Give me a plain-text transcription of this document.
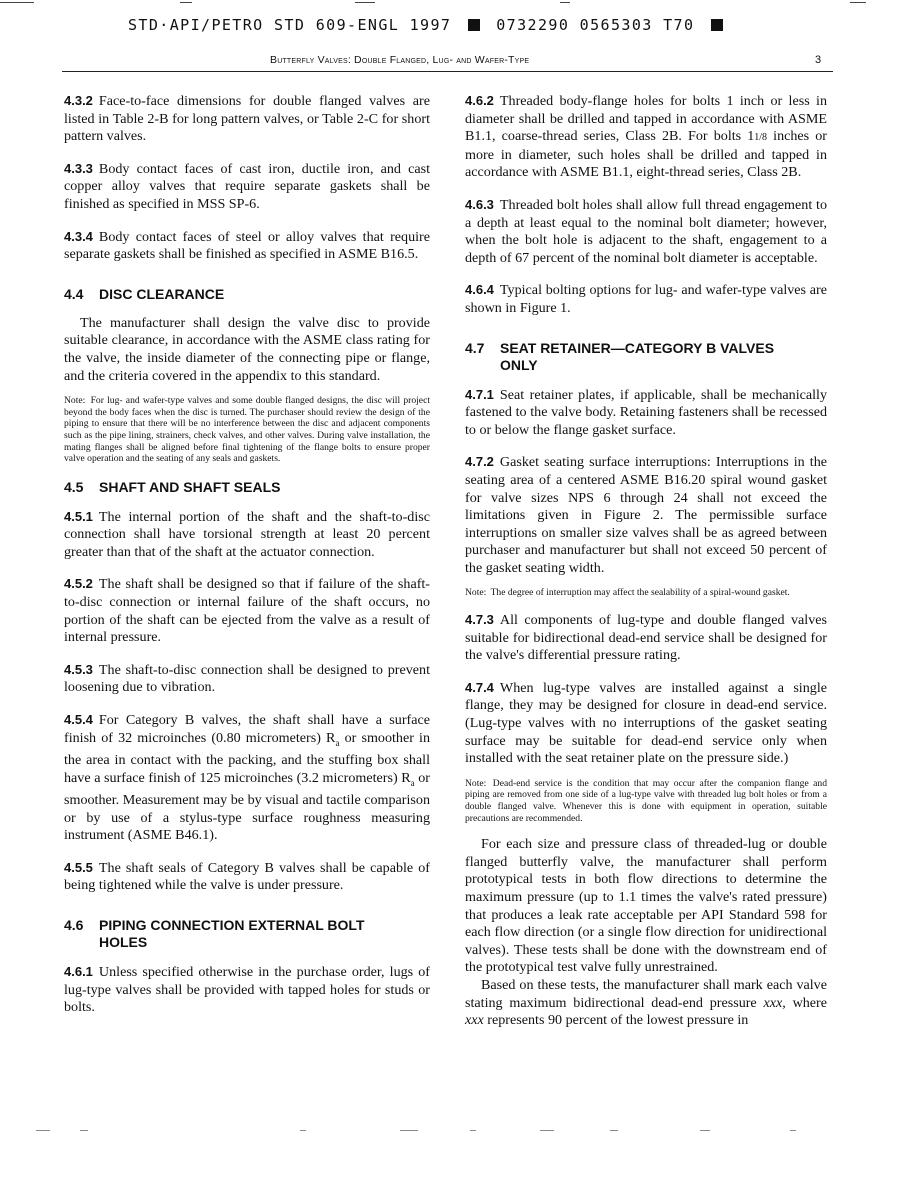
STD·API/PETRO STD 609-ENGL 1997	0732290 0565303 T70
Butterfly Valves: Double Flanged, Lug- and Wafer-Type	3

4.3.2 Face-to-face dimensions for double flanged valves are listed in Table 2-B for long pattern valves, or Table 2-C for short pattern valves.

4.3.3 Body contact faces of cast iron, ductile iron, and cast copper alloy valves that require separate gaskets shall be finished as specified in MSS SP-6.

4.3.4 Body contact faces of steel or alloy valves that require separate gaskets shall be finished as specified in ASME B16.5.

4.4 DISC CLEARANCE

The manufacturer shall design the valve disc to provide suitable clearance, in accordance with the ASME class rating for the valve, the inside diameter of the connecting pipe or flange, and the criteria covered in the appendix to this standard.

Note: For lug- and wafer-type valves and some double flanged designs, the disc will project beyond the body faces when the disc is turned. The purchaser should review the design of the piping to ensure that there will be no interference between the disc and adjacent components such as the pipe lining, strainers, check valves, and other valves. During valve installation, the mating flanges shall be aligned before final tightening of the flange bolts to ensure proper valve operation and the seating of any seals and gaskets.

4.5 SHAFT AND SHAFT SEALS

4.5.1 The internal portion of the shaft and the shaft-to-disc connection shall have torsional strength at least 20 percent greater than that of the shaft at the actuator connection.

4.5.2 The shaft shall be designed so that if failure of the shaft-to-disc connection or internal failure of the shaft occurs, no portion of the shaft can be ejected from the valve as a result of internal pressure.

4.5.3 The shaft-to-disc connection shall be designed to prevent loosening due to vibration.

4.5.4 For Category B valves, the shaft shall have a surface finish of 32 microinches (0.80 micrometers) $R_a$ or smoother in the area in contact with the packing, and the stuffing box shall have a surface finish of 125 microinches (3.2 micrometers) $R_a$ or smoother. Measurement may be by visual and tactile comparison or by use of a stylus-type surface roughness measuring instrument (ASME B46.1).

4.5.5 The shaft seals of Category B valves shall be capable of being tightened while the valve is under pressure.

4.6 PIPING CONNECTION EXTERNAL BOLT
HOLES

4.6.1 Unless specified otherwise in the purchase order, lugs of lug-type valves shall be provided with tapped holes for studs or bolts.

4.6.2 Threaded body-flange holes for bolts 1 inch or less in diameter shall be drilled and tapped in accordance with ASME B1.1, coarse-thread series, Class 2B. For bolts 11/8 inches or more in diameter, such holes shall be drilled and tapped in accordance with ASME B1.1, eight-thread series, Class 2B.

4.6.3 Threaded bolt holes shall allow full thread engagement to a depth at least equal to the nominal bolt diameter; however, when the bolt hole is adjacent to the shaft, engagement to a depth of 67 percent of the nominal bolt diameter is acceptable.

4.6.4 Typical bolting options for lug- and wafer-type valves are shown in Figure 1.

4.7 SEAT RETAINER—CATEGORY B VALVES
ONLY

4.7.1 Seat retainer plates, if applicable, shall be mechanically fastened to the valve body. Retaining fasteners shall be recessed to or below the flange gasket surface.

4.7.2 Gasket seating surface interruptions: Interruptions in the seating area of a centered ASME B16.20 spiral wound gasket for valve sizes NPS 6 through 24 shall not exceed the limitations given in Figure 2. The permissible surface interruptions on smaller size valves shall be as agreed between purchaser and manufacturer but shall not exceed 50 percent of the gasket seating width.

Note: The degree of interruption may affect the sealability of a spiral-wound gasket.

4.7.3 All components of lug-type and double flanged valves suitable for bidirectional dead-end service shall be designed for the valve's differential pressure rating.

4.7.4 When lug-type valves are installed against a single flange, they may be designed for closure in dead-end service. (Lug-type valves with no interruptions of the gasket seating surface may be suitable for dead-end service only when installed with the seat retainer plate on the pressure side.)

Note: Dead-end service is the condition that may occur after the companion flange and piping are removed from one side of a lug-type valve with threaded lug bolt holes or from a double flanged valve. Whenever this is done with equipment in operation, suitable precautions are recommended.

For each size and pressure class of threaded-lug or double flanged butterfly valve, the manufacturer shall perform prototypical tests in both flow directions to determine the maximum pressure (up to 1.1 times the valve's rated pressure) that produces a leak rate acceptable per API Standard 598 for each flow direction (or a single flow direction for unidirectional valves). These tests shall be done with the downstream end of the prototypical test valve fully unrestrained.

Based on these tests, the manufacturer shall mark each valve stating maximum bidirectional dead-end pressure xxx, where xxx represents 90 percent of the lowest pressure in
